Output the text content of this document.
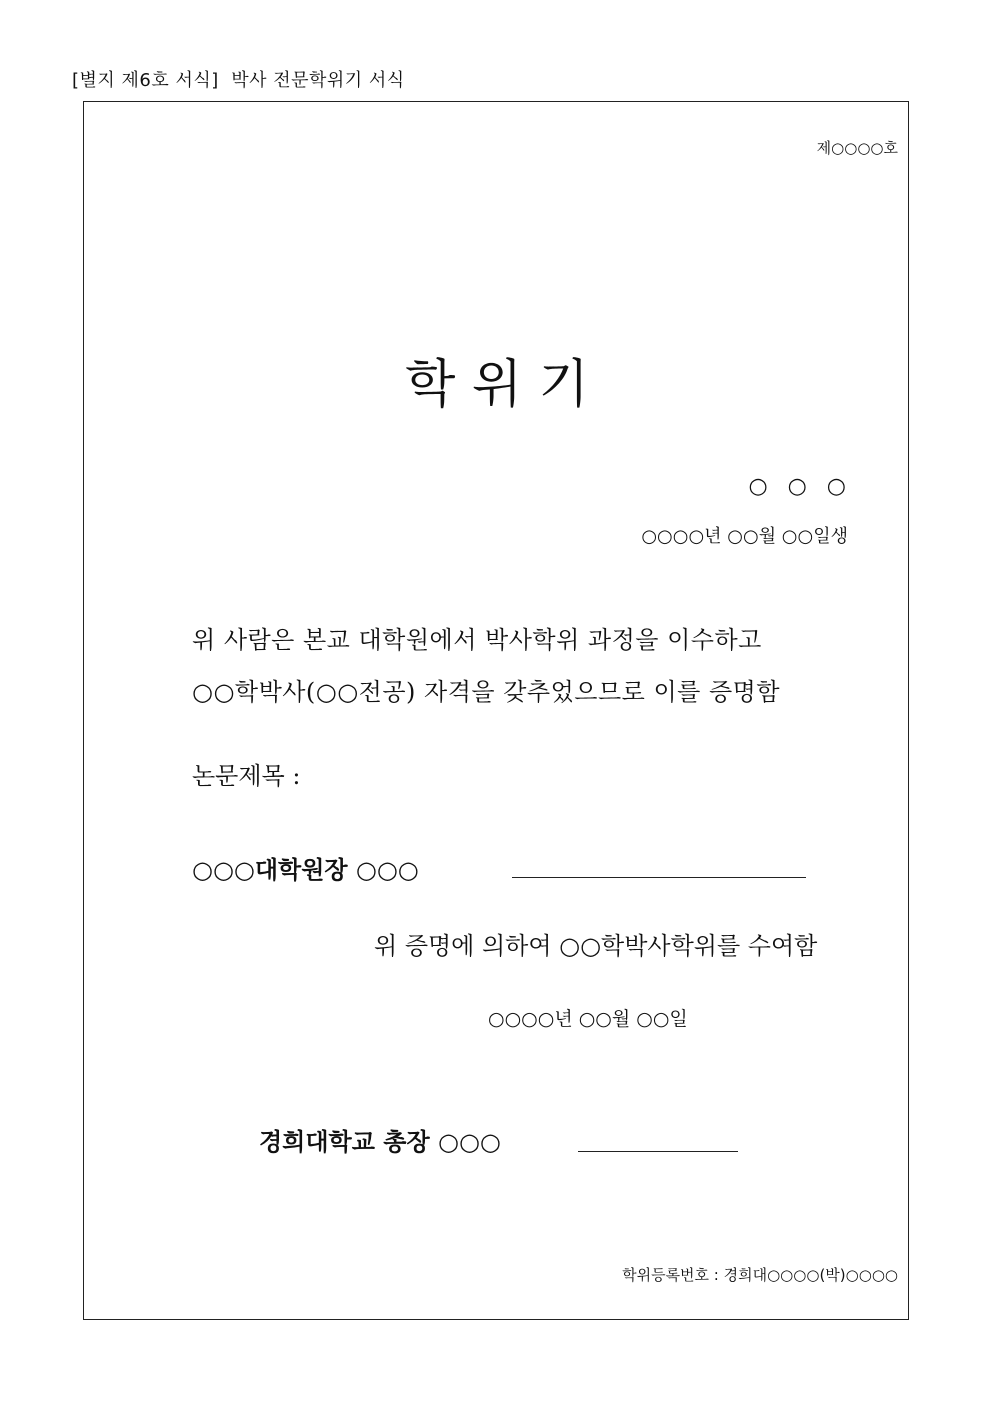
[별지 제6호 서식]  박사 전문학위기 서식
제○○○○호
학 위 기
○  ○  ○
○○○○년 ○○월 ○○일생
위 사람은 본교 대학원에서 박사학위 과정을 이수하고
○○학박사(○○전공) 자격을 갖추었으므로 이를 증명함
논문제목 :
○○○대학원장 ○○○
위 증명에 의하여 ○○학박사학위를 수여함
○○○○년 ○○월 ○○일
경희대학교 총장 ○○○
학위등록번호 : 경희대○○○○(박)○○○○
